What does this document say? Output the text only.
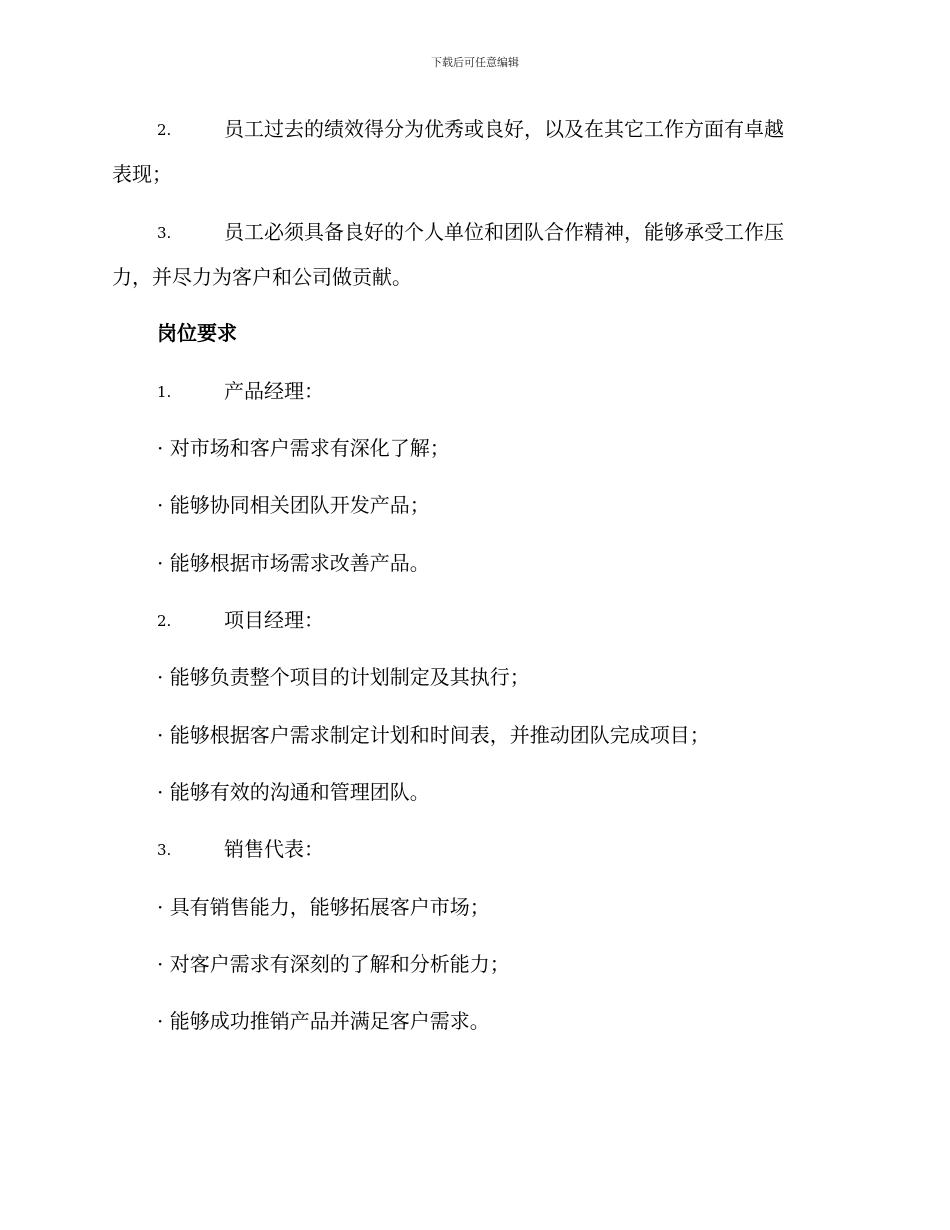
下载后可任意编辑
2.	员工过去的绩效得分为优秀或良好，以及在其它工作方面有卓越
表现；
3.	员工必须具备良好的个人单位和团队合作精神，能够承受工作压
力，并尽力为客户和公司做贡献。
岗位要求
1.	产品经理：
· 对市场和客户需求有深化了解；
· 能够协同相关团队开发产品；
· 能够根据市场需求改善产品。
2.	项目经理：
· 能够负责整个项目的计划制定及其执行；
· 能够根据客户需求制定计划和时间表，并推动团队完成项目；
· 能够有效的沟通和管理团队。
3.	销售代表：
· 具有销售能力，能够拓展客户市场；
· 对客户需求有深刻的了解和分析能力；
· 能够成功推销产品并满足客户需求。
